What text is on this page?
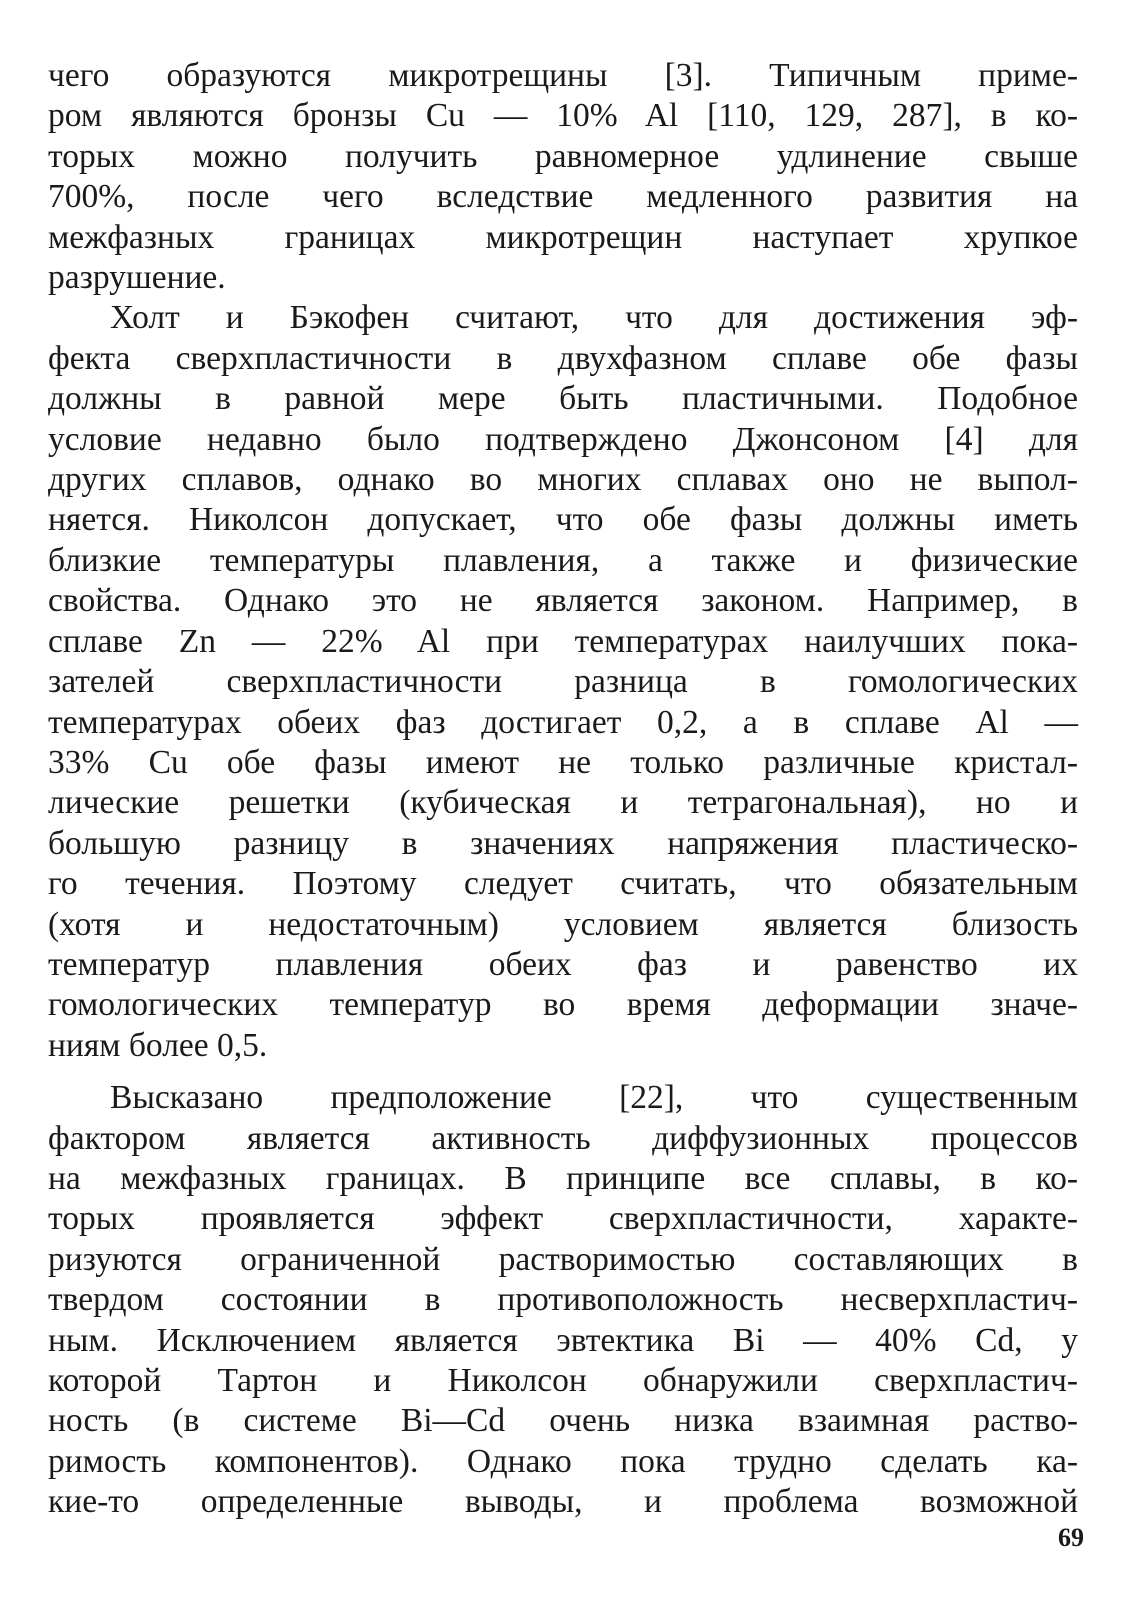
чего образуются микротрещины [3]. Типичным приме-
ром являются бронзы Cu — 10% Al [110, 129, 287], в ко-
торых можно получить равномерное удлинение свыше
700%, после чего вследствие медленного развития на
межфазных границах микротрещин наступает хрупкое
разрушение.
Холт и Бэкофен считают, что для достижения эф-
фекта сверхпластичности в двухфазном сплаве обе фазы
должны в равной мере быть пластичными. Подобное
условие недавно было подтверждено Джонсоном [4] для
других сплавов, однако во многих сплавах оно не выпол-
няется. Николсон допускает, что обе фазы должны иметь
близкие температуры плавления, а также и физические
свойства. Однако это не является законом. Например, в
сплаве Zn — 22% Al при температурах наилучших пока-
зателей сверхпластичности разница в гомологических
температурах обеих фаз достигает 0,2, а в сплаве Al —
33% Cu обе фазы имеют не только различные кристал-
лические решетки (кубическая и тетрагональная), но и
большую разницу в значениях напряжения пластическо-
го течения. Поэтому следует считать, что обязательным
(хотя и недостаточным) условием является близость
температур плавления обеих фаз и равенство их
гомологических температур во время деформации значе-
ниям более 0,5.
Высказано предположение [22], что существенным
фактором является активность диффузионных процессов
на межфазных границах. В принципе все сплавы, в ко-
торых проявляется эффект сверхпластичности, характе-
ризуются ограниченной растворимостью составляющих в
твердом состоянии в противоположность несверхпластич-
ным. Исключением является эвтектика Bi — 40% Cd, у
которой Тартон и Николсон обнаружили сверхпластич-
ность (в системе Bi—Cd очень низка взаимная раство-
римость компонентов). Однако пока трудно сделать ка-
кие-то определенные выводы, и проблема возможной
69
